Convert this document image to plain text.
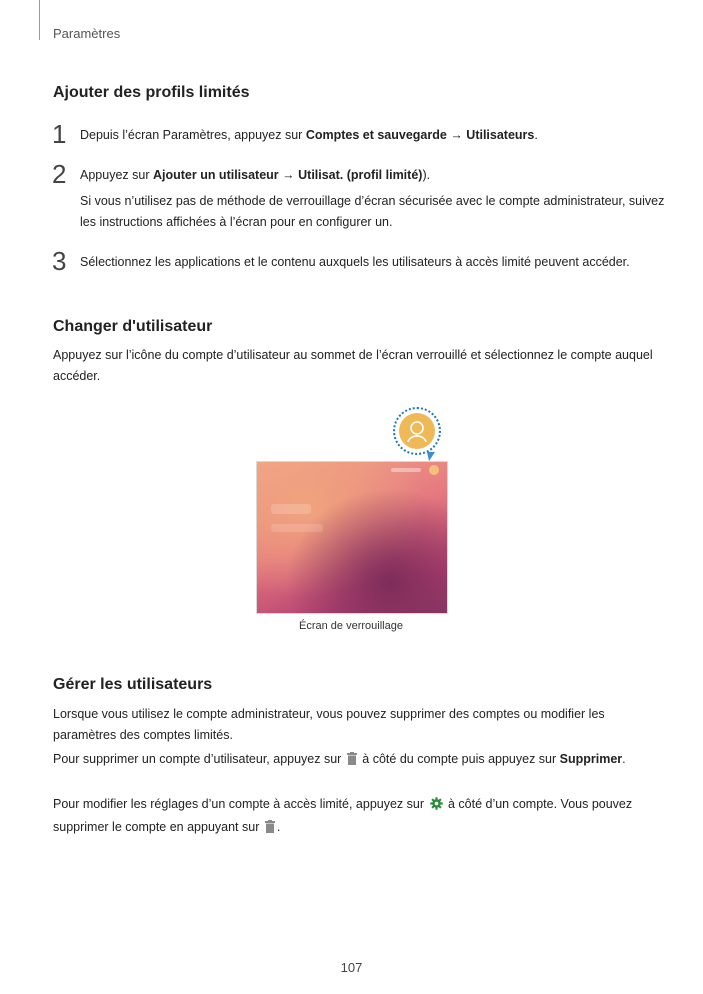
Paramètres
Ajouter des profils limités
1 Depuis l’écran Paramètres, appuyez sur Comptes et sauvegarde → Utilisateurs.
2 Appuyez sur Ajouter un utilisateur → Utilisat. (profil limité)).
Si vous n’utilisez pas de méthode de verrouillage d’écran sécurisée avec le compte administrateur, suivez les instructions affichées à l’écran pour en configurer un.
3 Sélectionnez les applications et le contenu auxquels les utilisateurs à accès limité peuvent accéder.
Changer d'utilisateur
Appuyez sur l’icône du compte d’utilisateur au sommet de l’écran verrouillé et sélectionnez le compte auquel accéder.
Écran de verrouillage
Gérer les utilisateurs
Lorsque vous utilisez le compte administrateur, vous pouvez supprimer des comptes ou modifier les paramètres des comptes limités.
Pour supprimer un compte d’utilisateur, appuyez sur  à côté du compte puis appuyez sur Supprimer.
Pour modifier les réglages d’un compte à accès limité, appuyez sur  à côté d’un compte. Vous pouvez supprimer le compte en appuyant sur .
107
